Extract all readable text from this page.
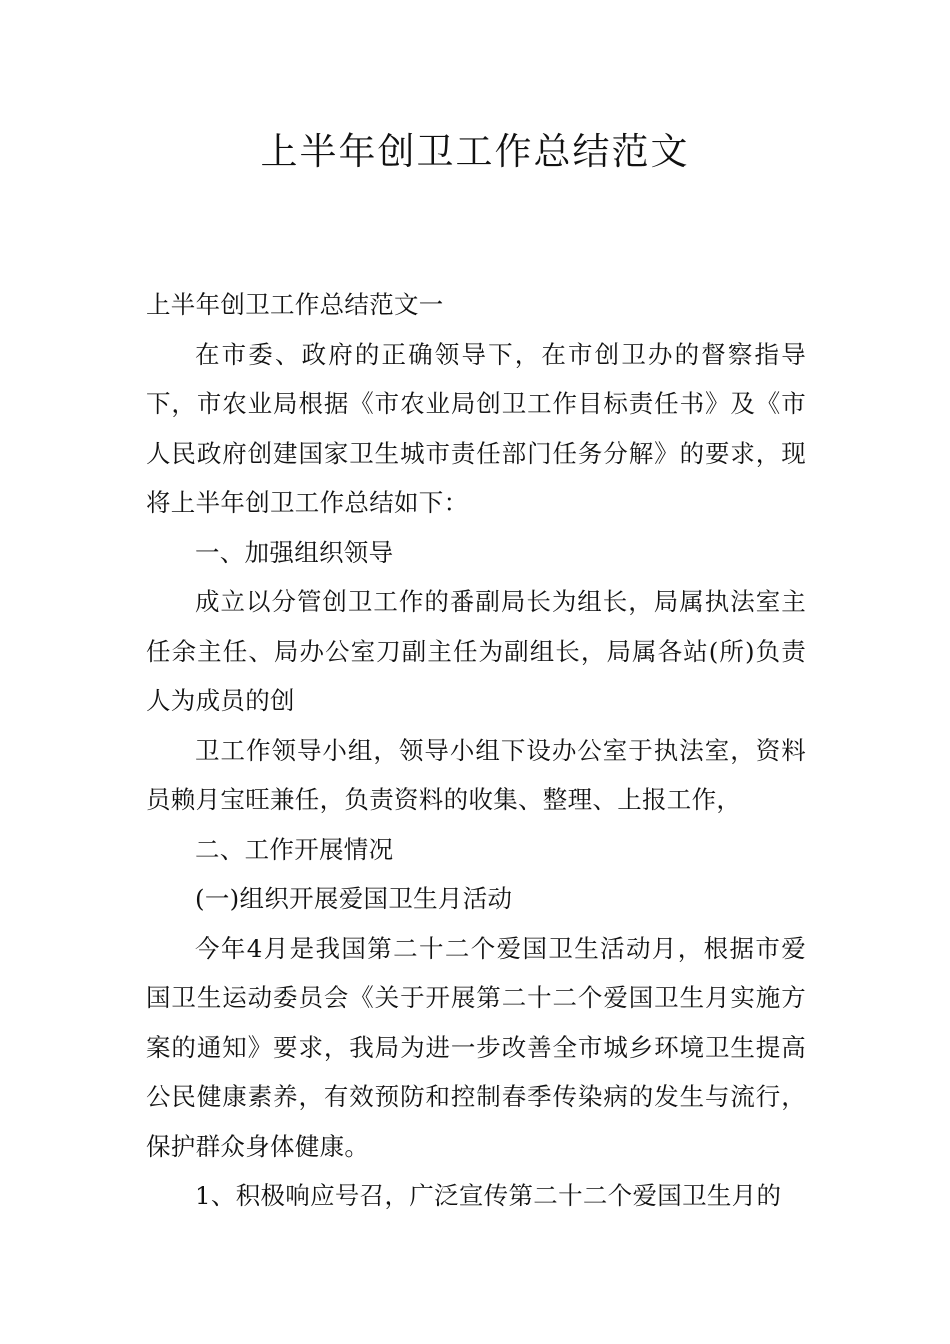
上半年创卫工作总结范文

上半年创卫工作总结范文一

在市委、政府的正确领导下，在市创卫办的督察指导下，市农业局根据《市农业局创卫工作目标责任书》及《市人民政府创建国家卫生城市责任部门任务分解》的要求，现将上半年创卫工作总结如下：

一、加强组织领导

成立以分管创卫工作的番副局长为组长，局属执法室主任余主任、局办公室刀副主任为副组长，局属各站(所)负责人为成员的创

卫工作领导小组，领导小组下设办公室于执法室，资料员赖月宝旺兼任，负责资料的收集、整理、上报工作，

二、工作开展情况

(一)组织开展爱国卫生月活动

今年4月是我国第二十二个爱国卫生活动月，根据市爱国卫生运动委员会《关于开展第二十二个爱国卫生月实施方案的通知》要求，我局为进一步改善全市城乡环境卫生提高公民健康素养，有效预防和控制春季传染病的发生与流行，保护群众身体健康。

1、积极响应号召，广泛宣传第二十二个爱国卫生月的
